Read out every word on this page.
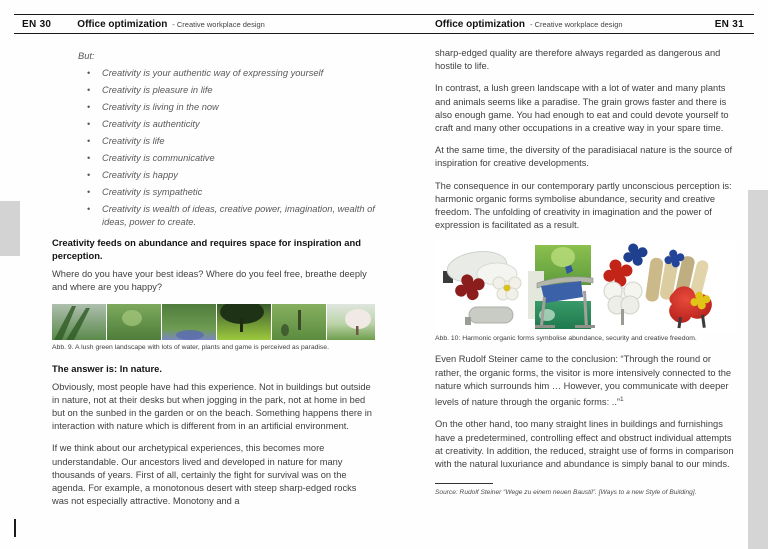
EN 30	Office optimization - Creative workplace design	Office optimization - Creative workplace design	EN 31

But:

• Creativity is your authentic way of expressing yourself
• Creativity is pleasure in life
• Creativity is living in the now
• Creativity is authenticity
• Creativity is life
• Creativity is communicative
• Creativity is happy
• Creativity is sympathetic
• Creativity is wealth of ideas, creative power, imagination, wealth of ideas, power to create.
Creativity feeds on abundance and requires space for inspiration and perception.

Where do you have your best ideas? Where do you feel free, breathe deeply and where are you happy?

Abb. 9. A lush green landscape with lots of water, plants and game is perceived as paradise.
The answer is: In nature.

Obviously, most people have had this experience. Not in buildings but outside in nature, not at their desks but when jogging in the park, not at home in bed but on the sunbed in the garden or on the beach. Something happens there in interaction with nature which is different from in an artificial environment.

If we think about our archetypical experiences, this becomes more understandable. Our ancestors lived and developed in nature for many thousands of years. First of all, certainly the fight for survival was on the agenda. For example, a monotonous desert with steep sharp-edged rocks was not especially attractive. Monotony and a

sharp-edged quality are therefore always regarded as dangerous and hostile to life.

In contrast, a lush green landscape with a lot of water and many plants and animals seems like a paradise. The grain grows faster and there is also enough game. You had enough to eat and could devote yourself to craft and many other occupations in a creative way in your spare time.

At the same time, the diversity of the paradisiacal nature is the source of inspiration for creative developments.

The consequence in our contemporary partly unconscious perception is: harmonic organic forms symbolise abundance, security and creative freedom. The unfolding of creativity in imagination and the power of expression is facilitated as a result.

Abb. 10: Harmonic organic forms symbolise abundance, security and creative freedom.

Even Rudolf Steiner came to the conclusion: “Through the round or rather, the organic forms, the visitor is more intensively connected to the nature which surrounds him … However, you communicate with deeper levels of nature through the organic forms: ..”$^1$

On the other hand, too many straight lines in buildings and furnishings have a predetermined, controlling effect and obstruct individual attempts at creativity. In addition, the reduced, straight use of forms in comparison with the natural luxuriance and abundance is simply banal to our minds.

Source: Rudolf Steiner “Wege zu einem neuen Baustil”. [Ways to a new Style of Building].
